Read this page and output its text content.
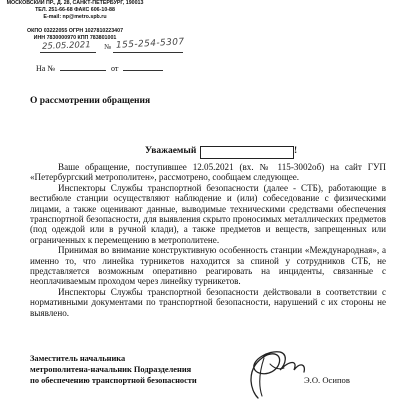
МОСКОВСКИЙ ПР., Д. 28, САНКТ-ПЕТЕРБУРГ, 190013
ТЕЛ. 251-66-68 ФАКС 606-10-88
E-mail: np@metro.spb.ru
ОКПО 03222055 ОГРН 1027810223407
ИНН 7830000970 КПП 783801001
25.05.2021 № 155-254-5307
На №	от
О рассмотрении обращения
Уважаемый	!

Ваше обращение, поступившее 12.05.2021 (вх. № 115-3002об) на сайт ГУП «Петербургский метрополитен», рассмотрено, сообщаем следующее.

Инспекторы Службы транспортной безопасности (далее - СТБ), работающие в вестибюле станции осуществляют наблюдение и (или) собеседование с физическими лицами, а также оценивают данные, выводимые техническими средствами обеспечения транспортной безопасности, для выявления скрыто проносимых металлических предметов (под одеждой или в ручной клади), а также предметов и веществ, запрещенных или ограниченных к перемещению в метрополитене.

Принимая во внимание конструктивную особенность станции «Международная», а именно то, что линейка турникетов находится за спиной у сотрудников СТБ, не представляется возможным оперативно реагировать на инциденты, связанные с неоплачиваемым проходом через линейку турникетов.

Инспекторы Службы транспортной безопасности действовали в соответствии с нормативными документами по транспортной безопасности, нарушений с их стороны не выявлено.

Заместитель начальника
метрополитена-начальник Подразделения
по обеспечению транспортной безопасности	Э.О. Осипов
